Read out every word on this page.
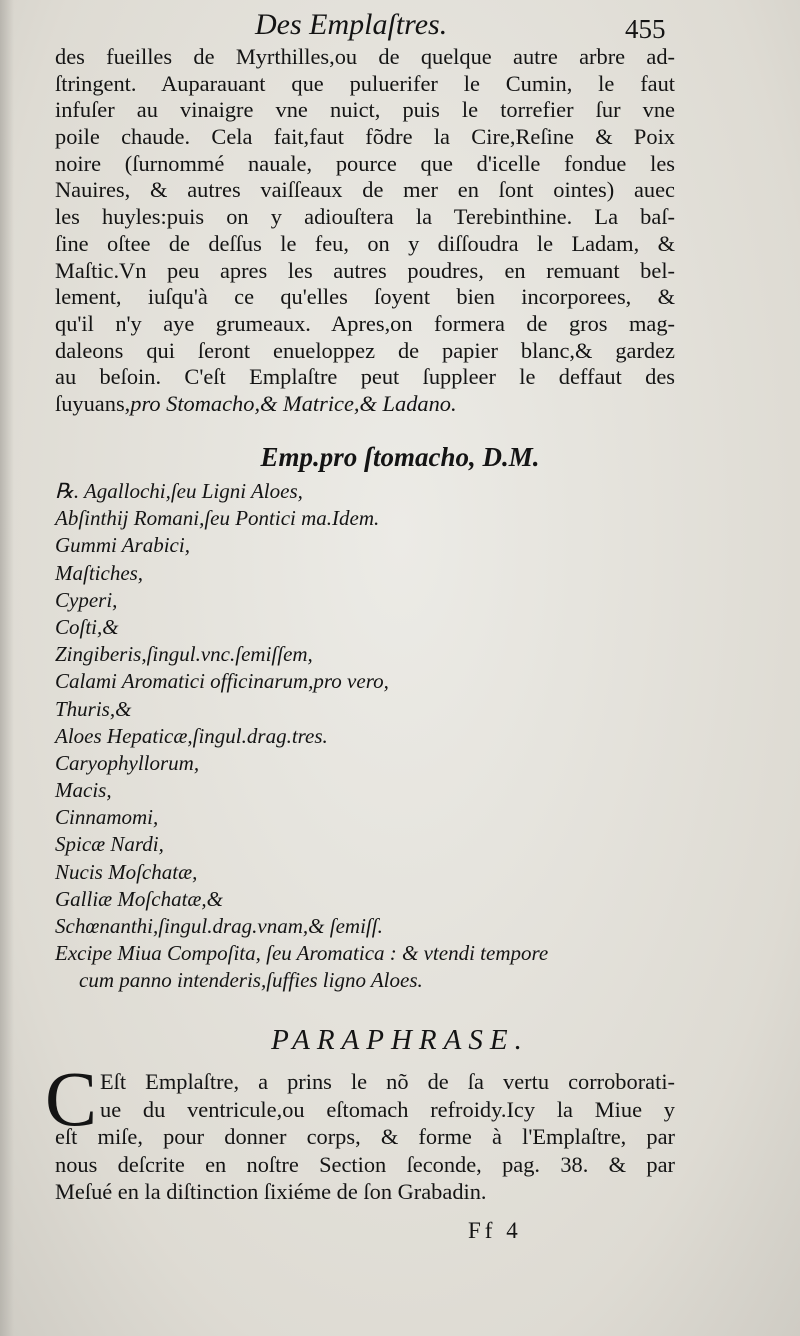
Des Emplaſtres.	455
des fueilles de Myrthilles,ou de quelque autre arbre ad-
ſtringent. Auparauant que puluerifer le Cumin, le faut
infuſer au vinaigre vne nuict, puis le torrefier ſur vne
poile chaude. Cela fait,faut fõdre la Cire,Reſine & Poix
noire (ſurnommé nauale, pource que d'icelle fondue les
Nauires, & autres vaiſſeaux de mer en ſont ointes) auec
les huyles:puis on y adiouſtera la Terebinthine. La baſ-
ſine oſtee de deſſus le feu, on y diſſoudra le Ladam, &
Maſtic.Vn peu apres les autres poudres, en remuant bel-
lement, iuſqu'à ce qu'elles ſoyent bien incorporees, &
qu'il n'y aye grumeaux. Apres,on formera de gros mag-
daleons qui ſeront enueloppez de papier blanc,& gardez
au beſoin. C'eſt Emplaſtre peut ſuppleer le deffaut des
ſuyuans,pro Stomacho,& Matrice,& Ladano.
Emp.pro ſtomacho, D.M.
℞. Agallochi,ſeu Ligni Aloes,
Abſinthij Romani,ſeu Pontici ma.Idem.
Gummi Arabici,
Maſtiches,
Cyperi,
Coſti,&
Zingiberis,ſingul.vnc.ſemiſſem,
Calami Aromatici officinarum,pro vero,
Thuris,&
Aloes Hepaticæ,ſingul.drag.tres.
Caryophyllorum,
Macis,
Cinnamomi,
Spicæ Nardi,
Nucis Moſchatæ,
Galliæ Moſchatæ,&
Schœnanthi,ſingul.drag.vnam,& ſemiſſ.
Excipe Miua Compoſita, ſeu Aromatica : & vtendi tempore
cum panno intenderis,ſuffies ligno Aloes.
PARAPHRASE.
C Eſt Emplaſtre, a prins le nõ de ſa vertu corroborati-
ue du ventricule,ou eſtomach refroidy.Icy la Miue y
eſt miſe, pour donner corps, & forme à l'Emplaſtre, par
nous deſcrite en noſtre Section ſeconde, pag. 38. & par
Meſué en la diſtinction ſixiéme de ſon Grabadin.
Ff 4
